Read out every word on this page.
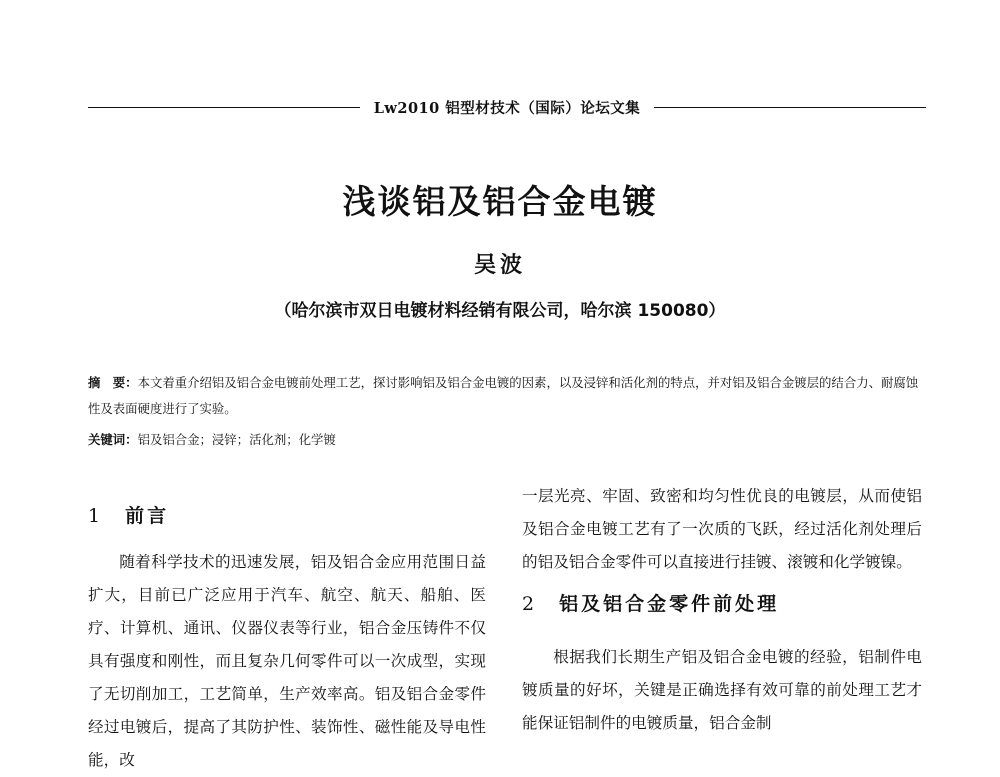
Lw2010 铝型材技术（国际）论坛文集
浅谈铝及铝合金电镀
吴波
（哈尔滨市双日电镀材料经销有限公司，哈尔滨 150080）
摘　要：本文着重介绍铝及铝合金电镀前处理工艺，探讨影响铝及铝合金电镀的因素，以及浸锌和活化剂的特点，并对铝及铝合金镀层的结合力、耐腐蚀性及表面硬度进行了实验。
关键词：铝及铝合金；浸锌；活化剂；化学镀
1 前言

随着科学技术的迅速发展，铝及铝合金应用范围日益扩大，目前已广泛应用于汽车、航空、航天、船舶、医疗、计算机、通讯、仪器仪表等行业，铝合金压铸件不仅具有强度和刚性，而且复杂几何零件可以一次成型，实现了无切削加工，工艺简单，生产效率高。铝及铝合金零件经过电镀后，提高了其防护性、装饰性、磁性能及导电性能，改

一层光亮、牢固、致密和均匀性优良的电镀层，从而使铝及铝合金电镀工艺有了一次质的飞跃，经过活化剂处理后的铝及铝合金零件可以直接进行挂镀、滚镀和化学镀镍。

2 铝及铝合金零件前处理

根据我们长期生产铝及铝合金电镀的经验，铝制件电镀质量的好坏，关键是正确选择有效可靠的前处理工艺才能保证铝制件的电镀质量，铝合金制
